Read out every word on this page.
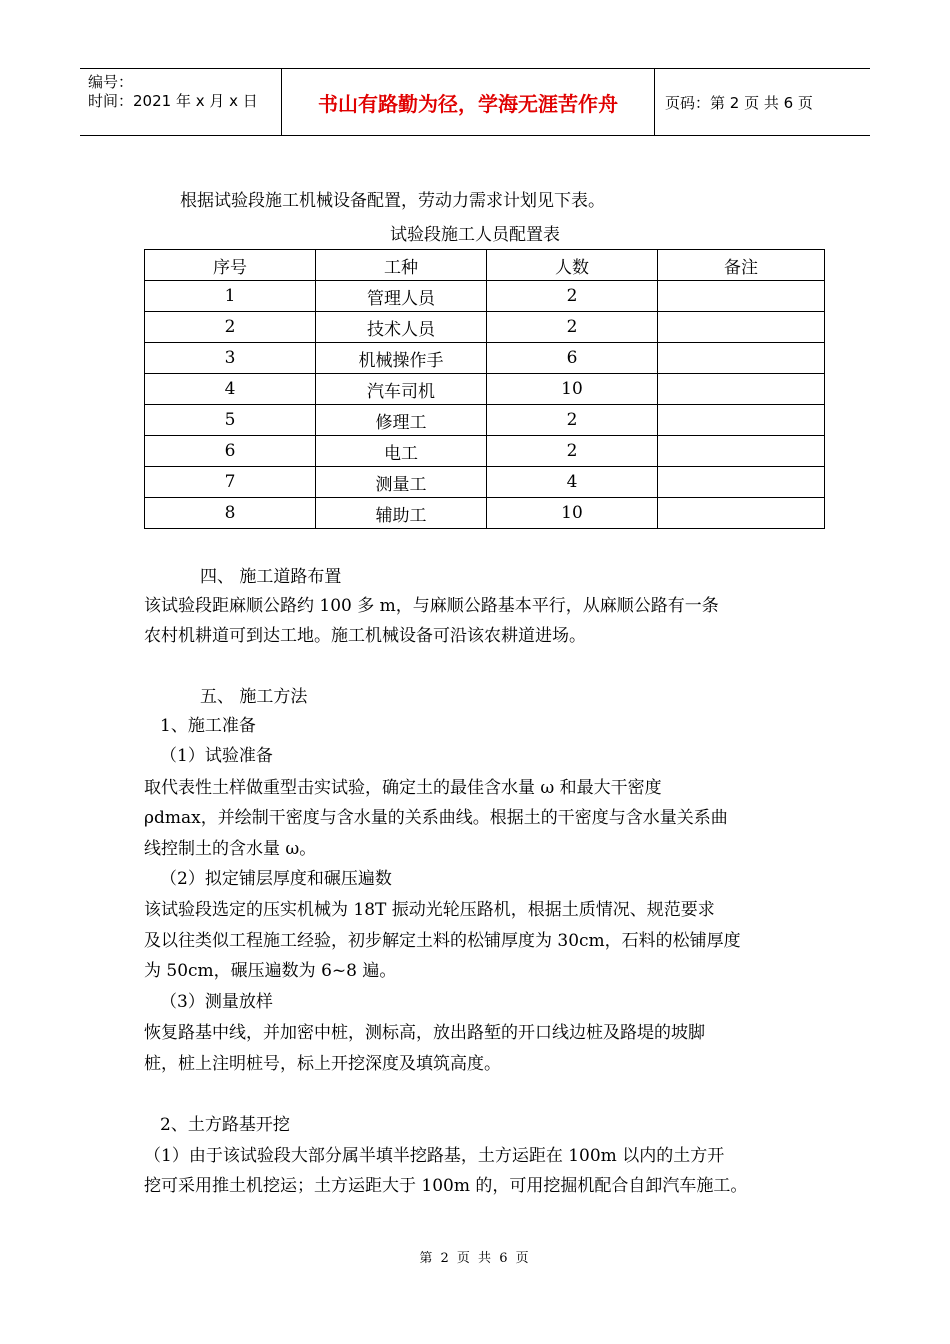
编号：
时间：2021 年 x 月 x 日	书山有路勤为径，学海无涯苦作舟	页码：第 2 页 共 6 页
根据试验段施工机械设备配置，劳动力需求计划见下表。
试验段施工人员配置表
序号	工种	人数	备注
1	管理人员	2	
2	技术人员	2	
3	机械操作手	6	
4	汽车司机	10	
5	修理工	2	
6	电工	2	
7	测量工	4	
8	辅助工	10	
四、 施工道路布置
该试验段距麻顺公路约 100 多 m，与麻顺公路基本平行，从麻顺公路有一条
农村机耕道可到达工地。施工机械设备可沿该农耕道进场。
五、 施工方法
1、施工准备
（1）试验准备
取代表性土样做重型击实试验，确定土的最佳含水量 ω 和最大干密度
ρdmax，并绘制干密度与含水量的关系曲线。根据土的干密度与含水量关系曲
线控制土的含水量 ω。
（2）拟定铺层厚度和碾压遍数
该试验段选定的压实机械为 18T 振动光轮压路机，根据土质情况、规范要求
及以往类似工程施工经验，初步解定土料的松铺厚度为 30cm，石料的松铺厚度
为 50cm，碾压遍数为 6~8 遍。
（3）测量放样
恢复路基中线，并加密中桩，测标高，放出路堑的开口线边桩及路堤的坡脚
桩，桩上注明桩号，标上开挖深度及填筑高度。
2、土方路基开挖
（1）由于该试验段大部分属半填半挖路基，土方运距在 100m 以内的土方开
挖可采用推土机挖运；土方运距大于 100m 的，可用挖掘机配合自卸汽车施工。
第 2 页 共 6 页
